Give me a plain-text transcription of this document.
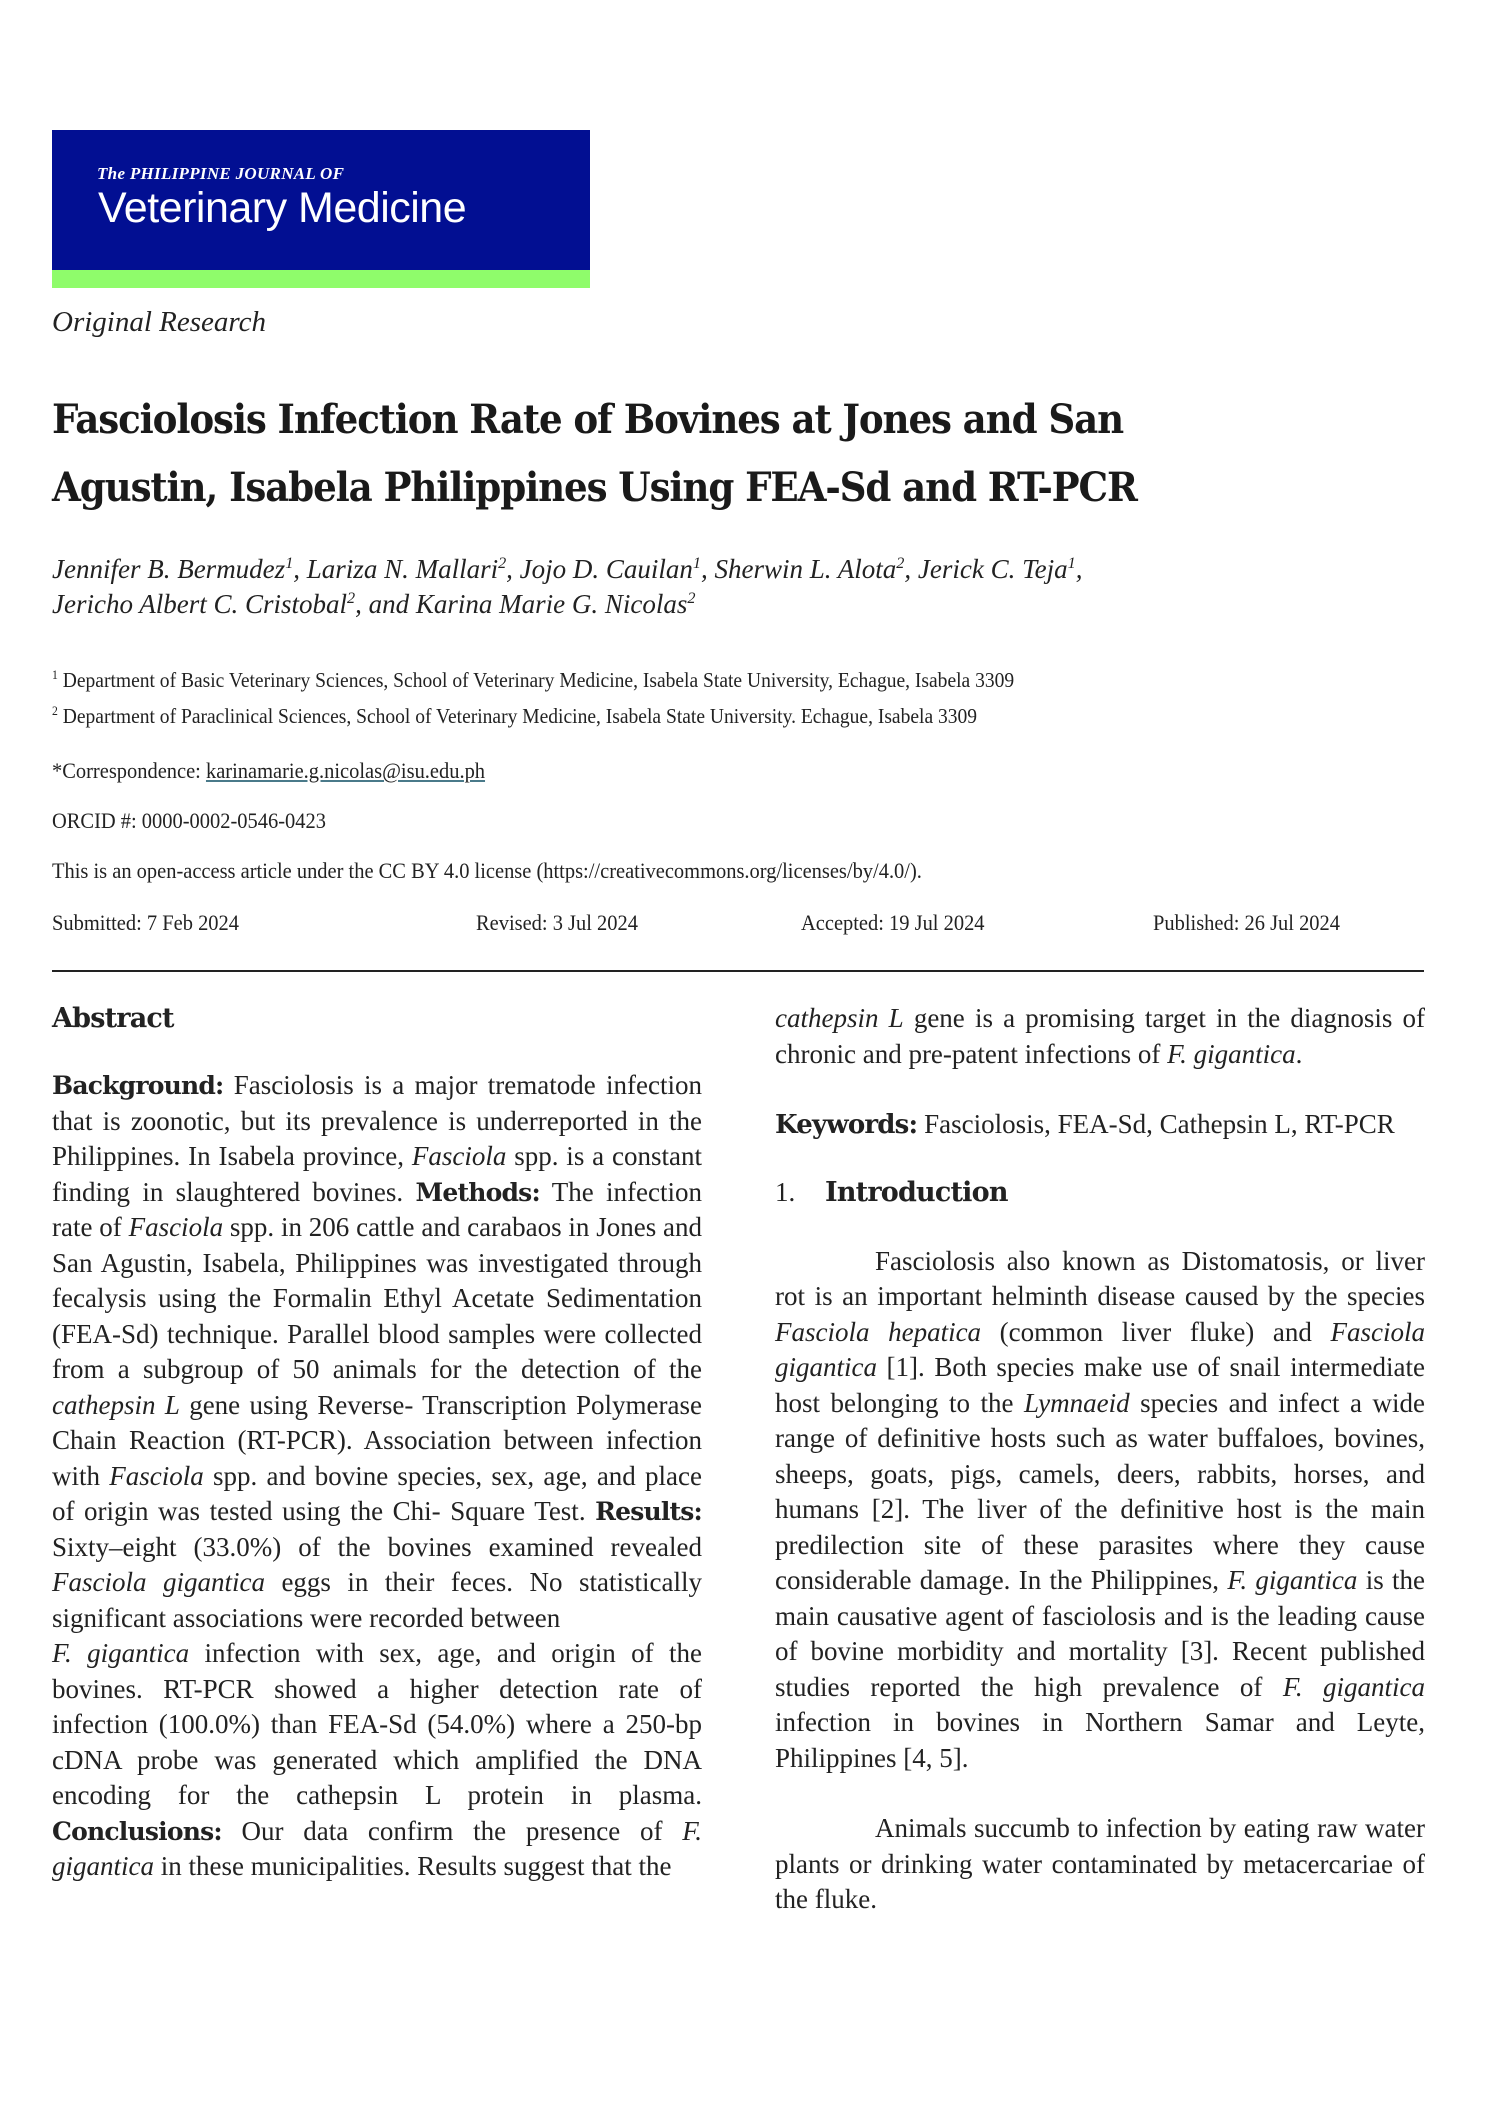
The PHILIPPINE JOURNAL OF
Veterinary Medicine
Original Research
Fasciolosis Infection Rate of Bovines at Jones and San
Agustin, Isabela Philippines Using FEA-Sd and RT-PCR
Jennifer B. Bermudez$^1$, Lariza N. Mallari$^2$, Jojo D. Cauilan$^1$, Sherwin L. Alota$^2$, Jerick C. Teja$^1$,
Jericho Albert C. Cristobal$^2$, and Karina Marie G. Nicolas$^2$
$^1$ Department of Basic Veterinary Sciences, School of Veterinary Medicine, Isabela State University, Echague, Isabela 3309
$^2$ Department of Paraclinical Sciences, School of Veterinary Medicine, Isabela State University. Echague, Isabela 3309
*Correspondence: karinamarie.g.nicolas@isu.edu.ph
ORCID #: 0000-0002-0546-0423
This is an open-access article under the CC BY 4.0 license (https://creativecommons.org/licenses/by/4.0/).
Submitted: 7 Feb 2024	Revised: 3 Jul 2024	Accepted: 19 Jul 2024	Published: 26 Jul 2024
Abstract

Background: Fasciolosis is a major trematode infection that is zoonotic, but its prevalence is underreported in the Philippines. In Isabela province, Fasciola spp. is a constant finding in slaughtered bovines. Methods: The infection rate of Fasciola spp. in 206 cattle and carabaos in Jones and San Agustin, Isabela, Philippines was investigated through fecalysis using the Formalin Ethyl Acetate Sedimentation (FEA-Sd) technique. Parallel blood samples were collected from a subgroup of 50 animals for the detection of the cathepsin L gene using Reverse- Transcription Polymerase Chain Reaction (RT-PCR). Association between infection with Fasciola spp. and bovine species, sex, age, and place of origin was tested using the Chi- Square Test. Results: Sixty–eight (33.0%) of the bovines examined revealed Fasciola gigantica eggs in their feces. No statistically significant associations were recorded between
F. gigantica infection with sex, age, and origin of the bovines. RT-PCR showed a higher detection rate of infection (100.0%) than FEA-Sd (54.0%) where a 250-bp cDNA probe was generated which amplified the DNA encoding for the cathepsin L protein in plasma. Conclusions: Our data confirm the presence of F. gigantica in these municipalities. Results suggest that the

cathepsin L gene is a promising target in the diagnosis of chronic and pre-patent infections of F. gigantica.

Keywords: Fasciolosis, FEA-Sd, Cathepsin L, RT-PCR

1. Introduction

Fasciolosis also known as Distomatosis, or liver rot is an important helminth disease caused by the species Fasciola hepatica (common liver fluke) and Fasciola gigantica [1]. Both species make use of snail intermediate host belonging to the Lymnaeid species and infect a wide range of definitive hosts such as water buffaloes, bovines, sheeps, goats, pigs, camels, deers, rabbits, horses, and humans [2]. The liver of the definitive host is the main predilection site of these parasites where they cause considerable damage. In the Philippines, F. gigantica is the main causative agent of fasciolosis and is the leading cause of bovine morbidity and mortality [3]. Recent published studies reported the high prevalence of F. gigantica infection in bovines in Northern Samar and Leyte, Philippines [4, 5].

Animals succumb to infection by eating raw water plants or drinking water contaminated by metacercariae of the fluke.
